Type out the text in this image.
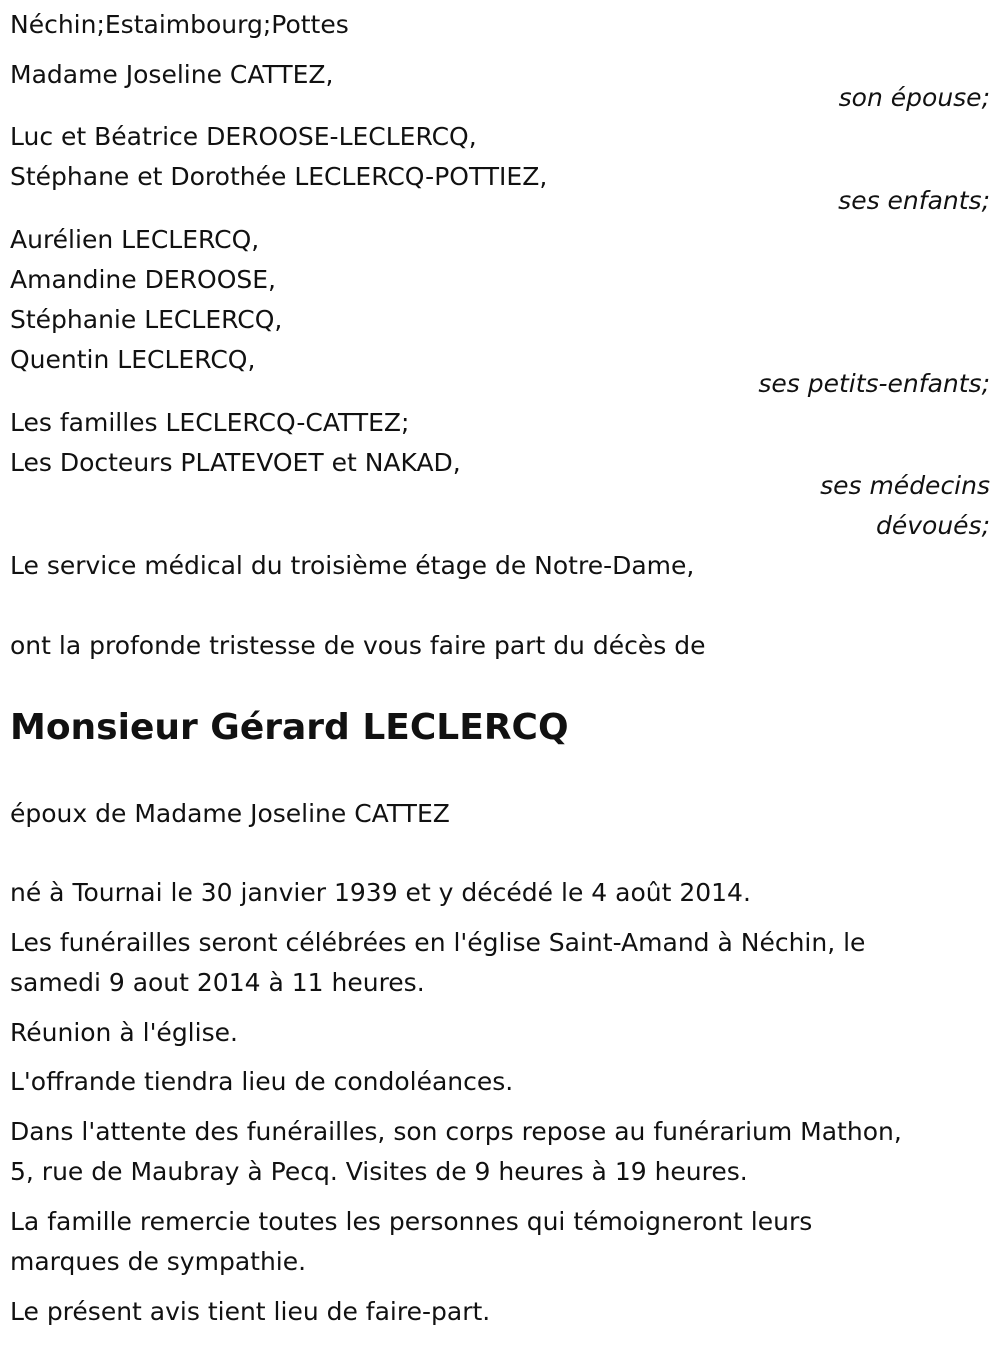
Néchin;Estaimbourg;Pottes
Madame Joseline CATTEZ,
son épouse;
Luc et Béatrice DEROOSE-LECLERCQ,
Stéphane et Dorothée LECLERCQ-POTTIEZ,
ses enfants;
Aurélien LECLERCQ,
Amandine DEROOSE,
Stéphanie LECLERCQ,
Quentin LECLERCQ,
ses petits-enfants;
Les familles LECLERCQ-CATTEZ;
Les Docteurs PLATEVOET et NAKAD,
ses médecins
dévoués;
Le service médical du troisième étage de Notre-Dame,
ont la profonde tristesse de vous faire part du décès de
Monsieur Gérard LECLERCQ
époux de Madame Joseline CATTEZ
né à Tournai le 30 janvier 1939 et y décédé le 4 août 2014.
Les funérailles seront célébrées en l'église Saint-Amand à Néchin, le
samedi 9 aout 2014 à 11 heures.
Réunion à l'église.
L'offrande tiendra lieu de condoléances.
Dans l'attente des funérailles, son corps repose au funérarium Mathon,
5, rue de Maubray à Pecq. Visites de 9 heures à 19 heures.
La famille remercie toutes les personnes qui témoigneront leurs
marques de sympathie.
Le présent avis tient lieu de faire-part.
